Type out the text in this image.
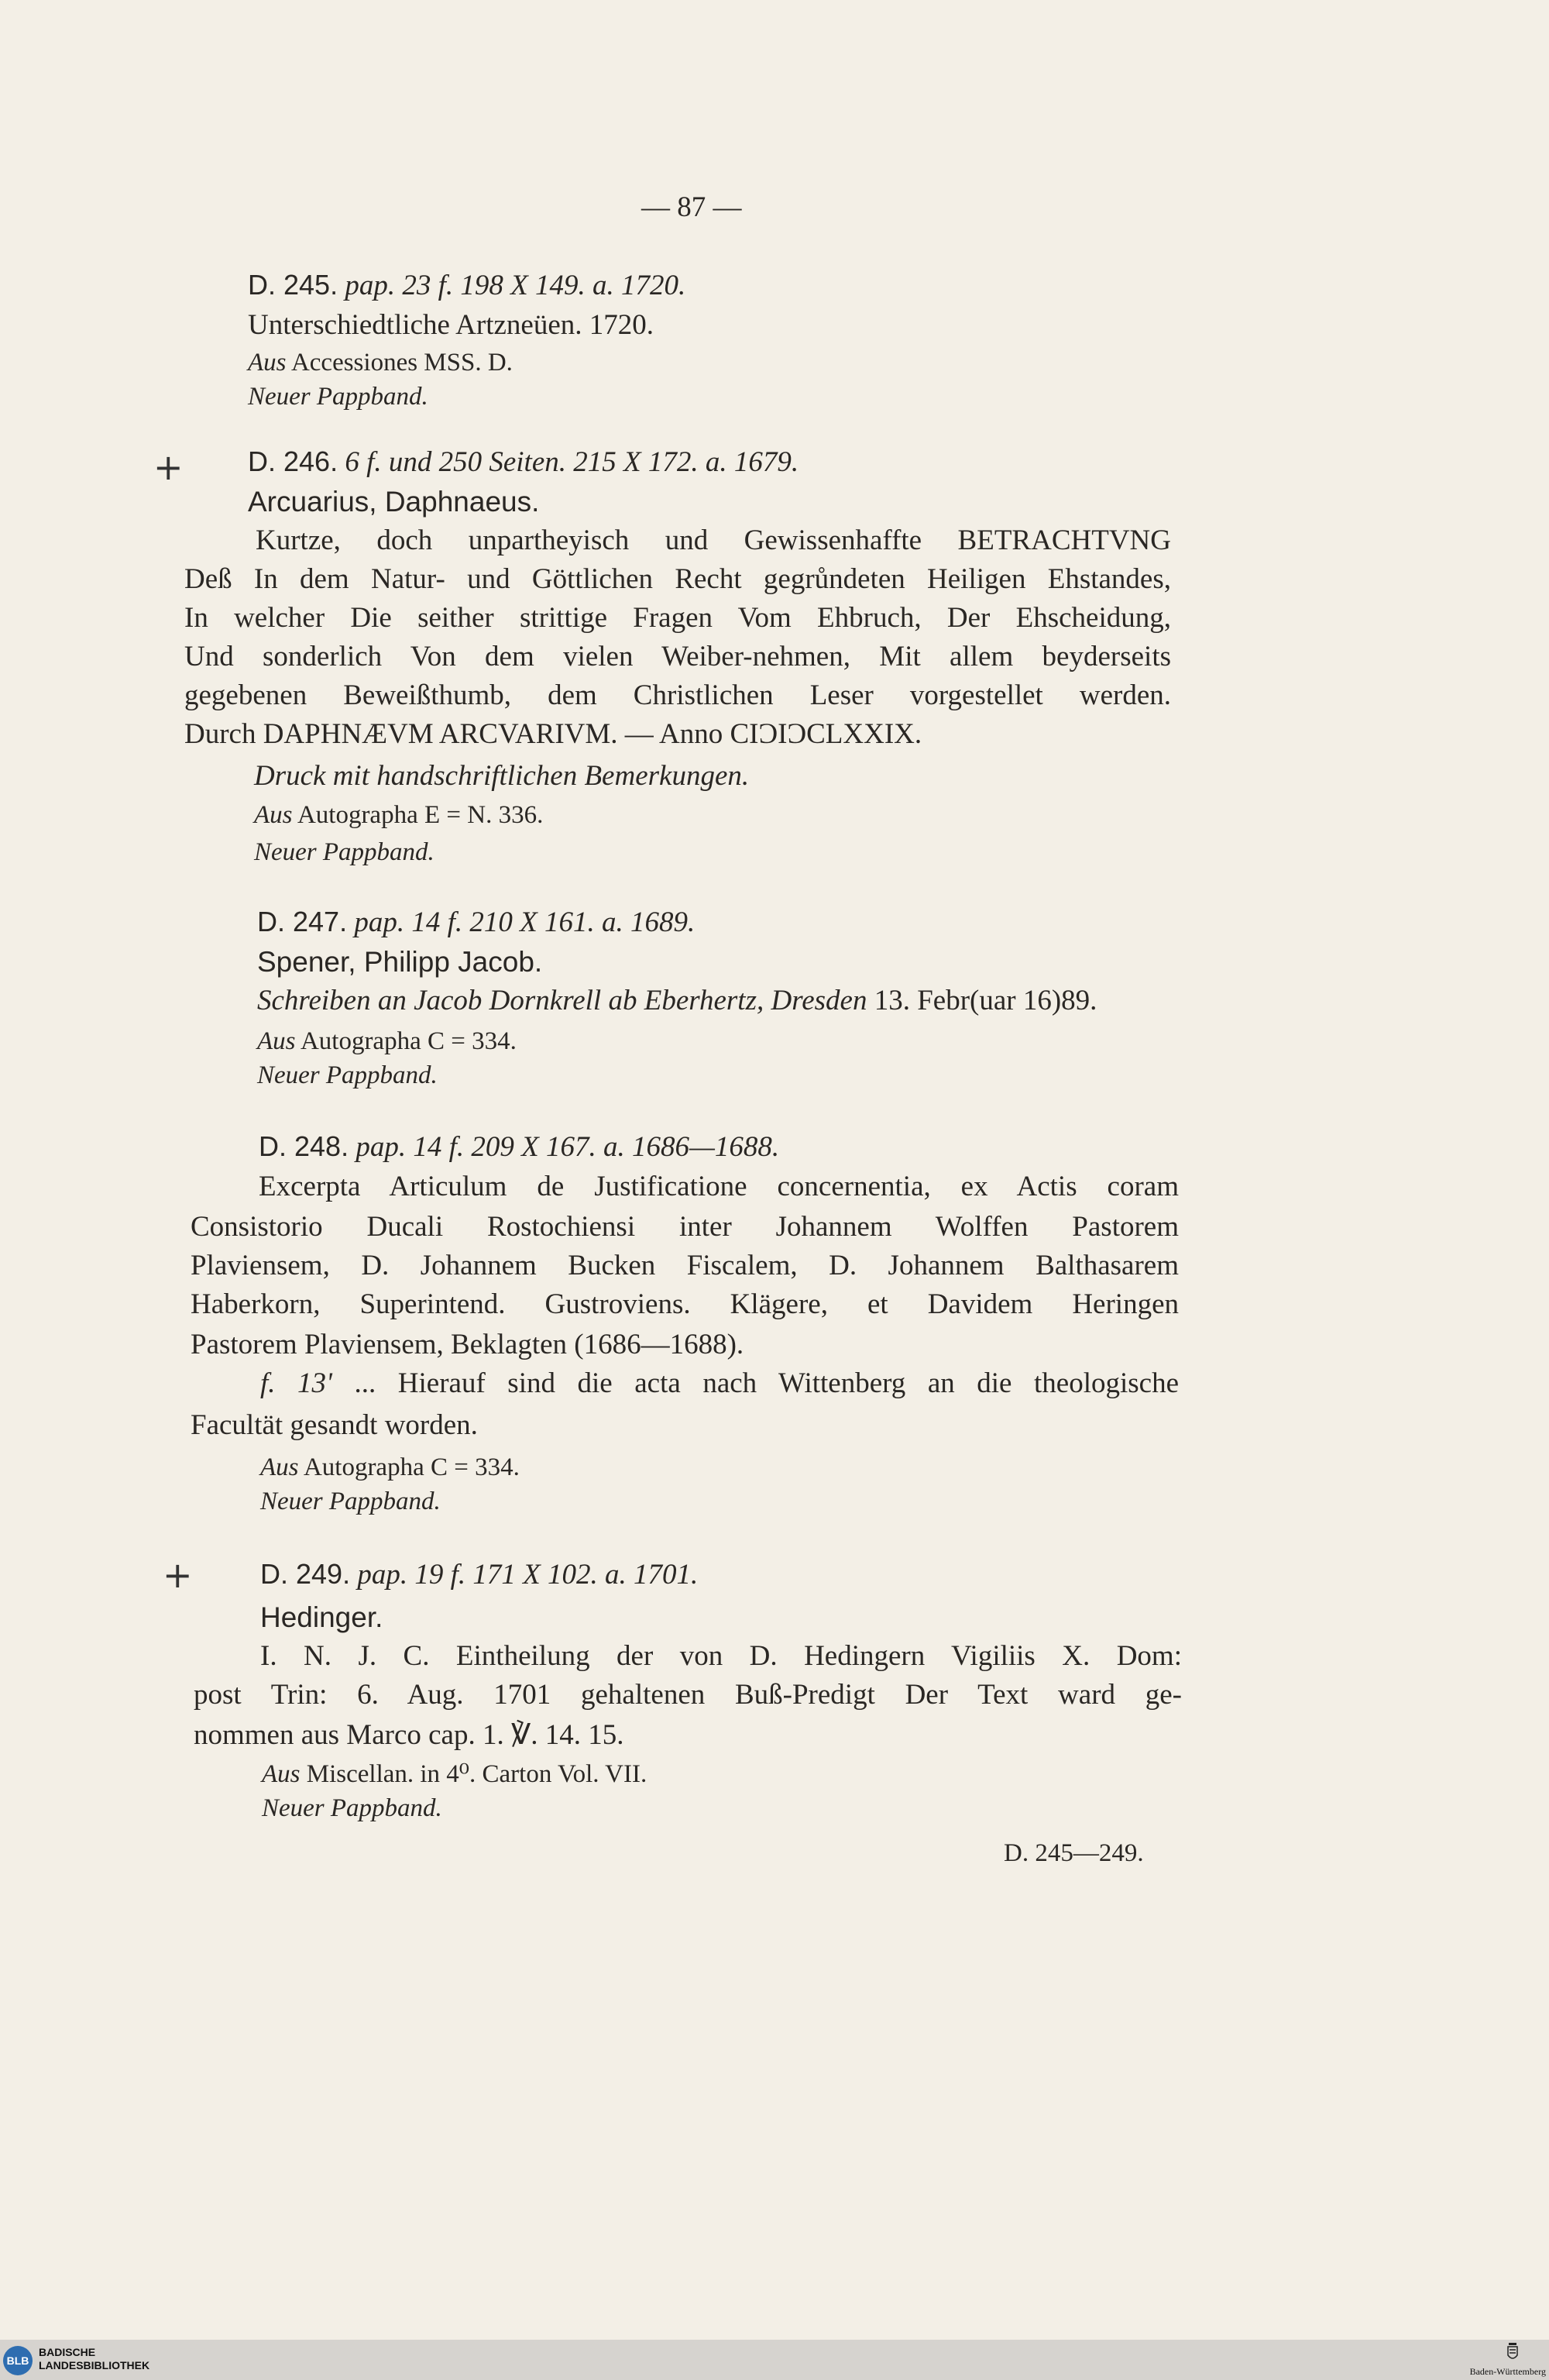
— 87 —
D. 245. pap. 23 f. 198 X 149. a. 1720.
Unterschiedtliche Artzneüen. 1720.
Aus Accessiones MSS. D.
Neuer Pappband.
+ D. 246. 6 f. und 250 Seiten. 215 X 172. a. 1679.
Arcuarius, Daphnaeus.
Kurtze, doch unpartheyisch und Gewissenhaffte BETRACHTVNG
Deß In dem Natur- und Göttlichen Recht gegrůndeten Heiligen Ehstandes,
In welcher Die seither strittige Fragen Vom Ehbruch, Der Ehscheidung,
Und sonderlich Von dem vielen Weiber-nehmen, Mit allem beyderseits
gegebenen Beweißthumb, dem Christlichen Leser vorgestellet werden.
Durch DAPHNÆVM ARCVARIVM. — Anno CIƆIƆCLXXIX.
Druck mit handschriftlichen Bemerkungen.
Aus Autographa E = N. 336.
Neuer Pappband.
D. 247. pap. 14 f. 210 X 161. a. 1689.
Spener, Philipp Jacob.
Schreiben an Jacob Dornkrell ab Eberhertz, Dresden 13. Febr(uar 16)89.
Aus Autographa C = 334.
Neuer Pappband.
D. 248. pap. 14 f. 209 X 167. a. 1686—1688.
Excerpta Articulum de Justificatione concernentia, ex Actis coram
Consistorio Ducali Rostochiensi inter Johannem Wolffen Pastorem
Plaviensem, D. Johannem Bucken Fiscalem, D. Johannem Balthasarem
Haberkorn, Superintend. Gustroviens. Klägere, et Davidem Heringen
Pastorem Plaviensem, Beklagten (1686—1688).
f. 13' ... Hierauf sind die acta nach Wittenberg an die theologische
Facultät gesandt worden.
Aus Autographa C = 334.
Neuer Pappband.
+ D. 249. pap. 19 f. 171 X 102. a. 1701.
Hedinger.
I. N. J. C. Eintheilung der von D. Hedingern Vigiliis X. Dom:
post Trin: 6. Aug. 1701 gehaltenen Buß-Predigt Der Text ward ge-
nommen aus Marco cap. 1. ℣. 14. 15.
Aus Miscellan. in 4⁰. Carton Vol. VII.
Neuer Pappband.
D. 245—249.
BLB
BADISCHE
LANDESBIBLIOTHEK	Baden-Württemberg
